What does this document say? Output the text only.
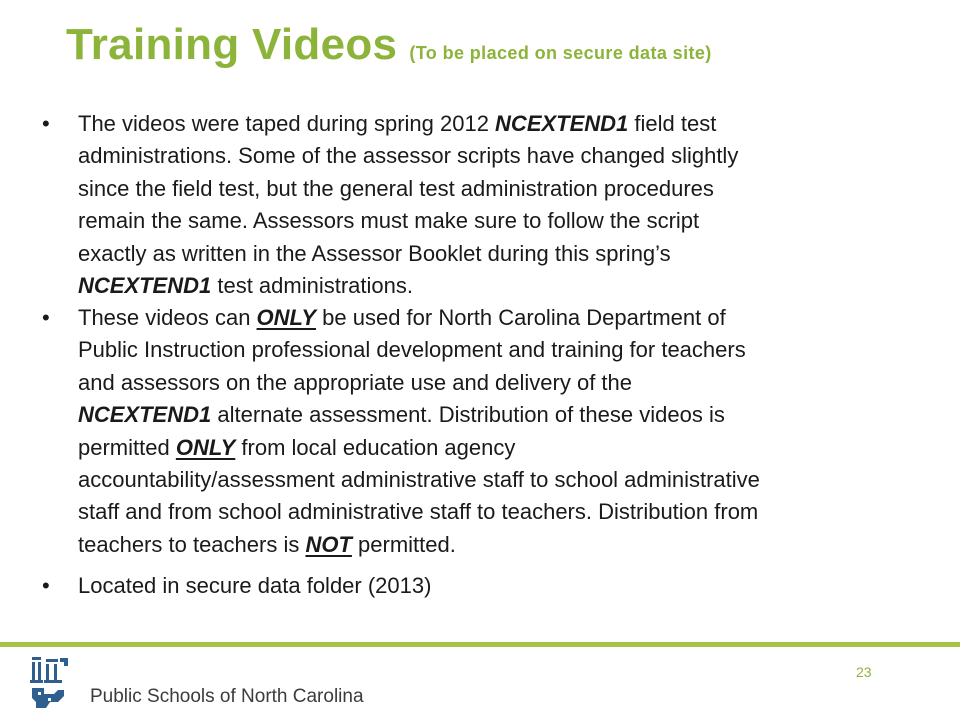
Training Videos (To be placed on secure data site)
• The videos were taped during spring 2012 NCEXTEND1 field test
administrations. Some of the assessor scripts have changed slightly
since the field test, but the general test administration procedures
remain the same. Assessors must make sure to follow the script
exactly as written in the Assessor Booklet during this spring’s
NCEXTEND1 test administrations.
• These videos can ONLY be used for North Carolina Department of
Public Instruction professional development and training for teachers
and assessors on the appropriate use and delivery of the
NCEXTEND1 alternate assessment. Distribution of these videos is
permitted ONLY from local education agency
accountability/assessment administrative staff to school administrative
staff and from school administrative staff to teachers. Distribution from
teachers to teachers is NOT permitted.
• Located in secure data folder (2013)
Public Schools of North Carolina
23
